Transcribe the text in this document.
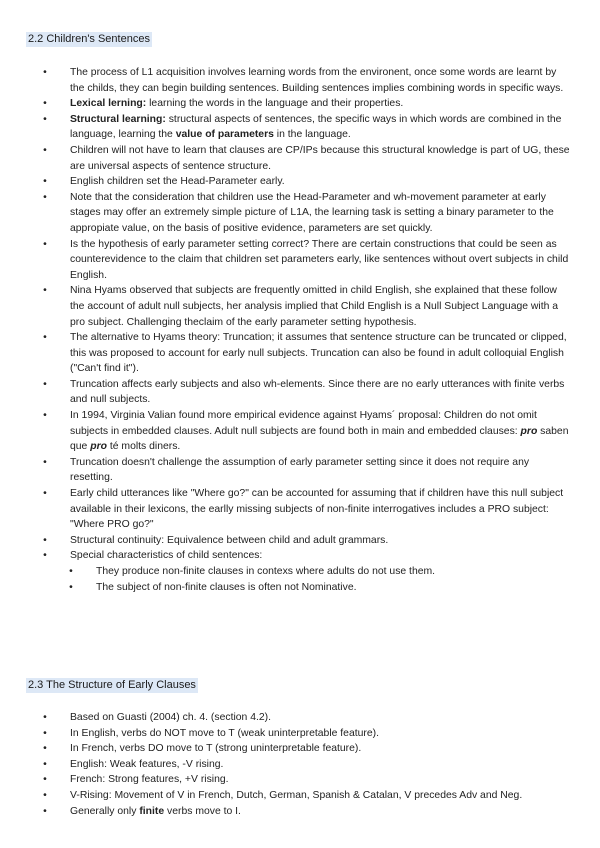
2.2 Children's Sentences
•	The process of L1 acquisition involves learning words from the environent, once some words are learnt by the childs, they can begin building sentences. Building sentences implies combining words in specific ways.
•	Lexical lerning: learning the words in the language and their properties.
•	Structural learning: structural aspects of sentences, the specific ways in which words are combined in the language, learning the value of parameters in the language.
•	Children will not have to learn that clauses are CP/IPs because this structural knowledge is part of UG, these are universal aspects of sentence structure.
•	English children set the Head-Parameter early.
•	Note that the consideration that children use the Head-Parameter and wh-movement parameter at early stages may offer an extremely simple picture of L1A, the learning task is setting a binary parameter to the appropiate value, on the basis of positive evidence, parameters are set quickly.
•	Is the hypothesis of early parameter setting correct? There are certain constructions that could be seen as counterevidence to the claim that children set parameters early, like sentences without overt subjects in child English.
•	Nina Hyams observed that subjects are frequently omitted in child English, she explained that these follow the account of adult null subjects, her analysis implied that Child English is a Null Subject Language with a pro subject. Challenging theclaim of the early parameter setting hypothesis.
•	The alternative to Hyams theory: Truncation; it assumes that sentence structure can be truncated or clipped, this was proposed to account for early null subjects. Truncation can also be found in adult colloquial English ("Can't find it").
•	Truncation affects early subjects and also wh-elements. Since there are no early utterances with finite verbs and null subjects.
•	In 1994, Virginia Valian found more empirical evidence against Hyams´ proposal: Children do not omit subjects in embedded clauses. Adult null subjects are found both in main and embedded clauses: pro saben que pro té molts diners.
•	Truncation doesn't challenge the assumption of early parameter setting since it does not require any resetting.
•	Early child utterances like "Where go?" can be accounted for assuming that if children have this null subject available in their lexicons, the earlly missing subjects of non-finite interrogatives includes a PRO subject: "Where PRO go?"
•	Structural continuity: Equivalence between child and adult grammars.
•	Special characteristics of child sentences:
•	They produce non-finite clauses in contexs where adults do not use them.
•	The subject of non-finite clauses is often not Nominative.
2.3 The Structure of Early Clauses
•	Based on Guasti (2004) ch. 4. (section 4.2).
•	In English, verbs do NOT move to T (weak uninterpretable feature).
•	In French, verbs DO move to T (strong uninterpretable feature).
•	English: Weak features, -V rising.
•	French: Strong features, +V rising.
•	V-Rising: Movement of V in French, Dutch, German, Spanish & Catalan, V precedes Adv and Neg.
•	Generally only finite verbs move to I.
